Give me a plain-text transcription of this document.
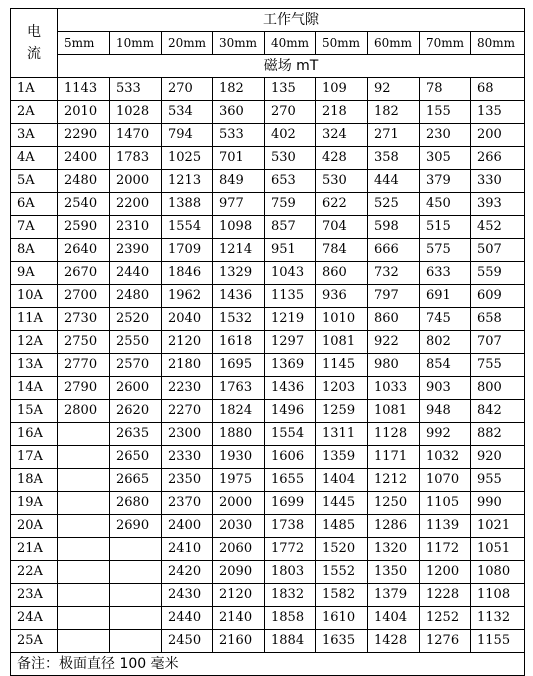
电
流	工作气隙								
	5mm	10mm	20mm	30mm	40mm	50mm	60mm	70mm	80mm
	磁场 mT								
1A	1143	533	270	182	135	109	92	78	68
2A	2010	1028	534	360	270	218	182	155	135
3A	2290	1470	794	533	402	324	271	230	200
4A	2400	1783	1025	701	530	428	358	305	266
5A	2480	2000	1213	849	653	530	444	379	330
6A	2540	2200	1388	977	759	622	525	450	393
7A	2590	2310	1554	1098	857	704	598	515	452
8A	2640	2390	1709	1214	951	784	666	575	507
9A	2670	2440	1846	1329	1043	860	732	633	559
10A	2700	2480	1962	1436	1135	936	797	691	609
11A	2730	2520	2040	1532	1219	1010	860	745	658
12A	2750	2550	2120	1618	1297	1081	922	802	707
13A	2770	2570	2180	1695	1369	1145	980	854	755
14A	2790	2600	2230	1763	1436	1203	1033	903	800
15A	2800	2620	2270	1824	1496	1259	1081	948	842
16A		2635	2300	1880	1554	1311	1128	992	882
17A		2650	2330	1930	1606	1359	1171	1032	920
18A		2665	2350	1975	1655	1404	1212	1070	955
19A		2680	2370	2000	1699	1445	1250	1105	990
20A		2690	2400	2030	1738	1485	1286	1139	1021
21A			2410	2060	1772	1520	1320	1172	1051
22A			2420	2090	1803	1552	1350	1200	1080
23A			2430	2120	1832	1582	1379	1228	1108
24A			2440	2140	1858	1610	1404	1252	1132
25A			2450	2160	1884	1635	1428	1276	1155
备注：极面直径 100 毫米									
